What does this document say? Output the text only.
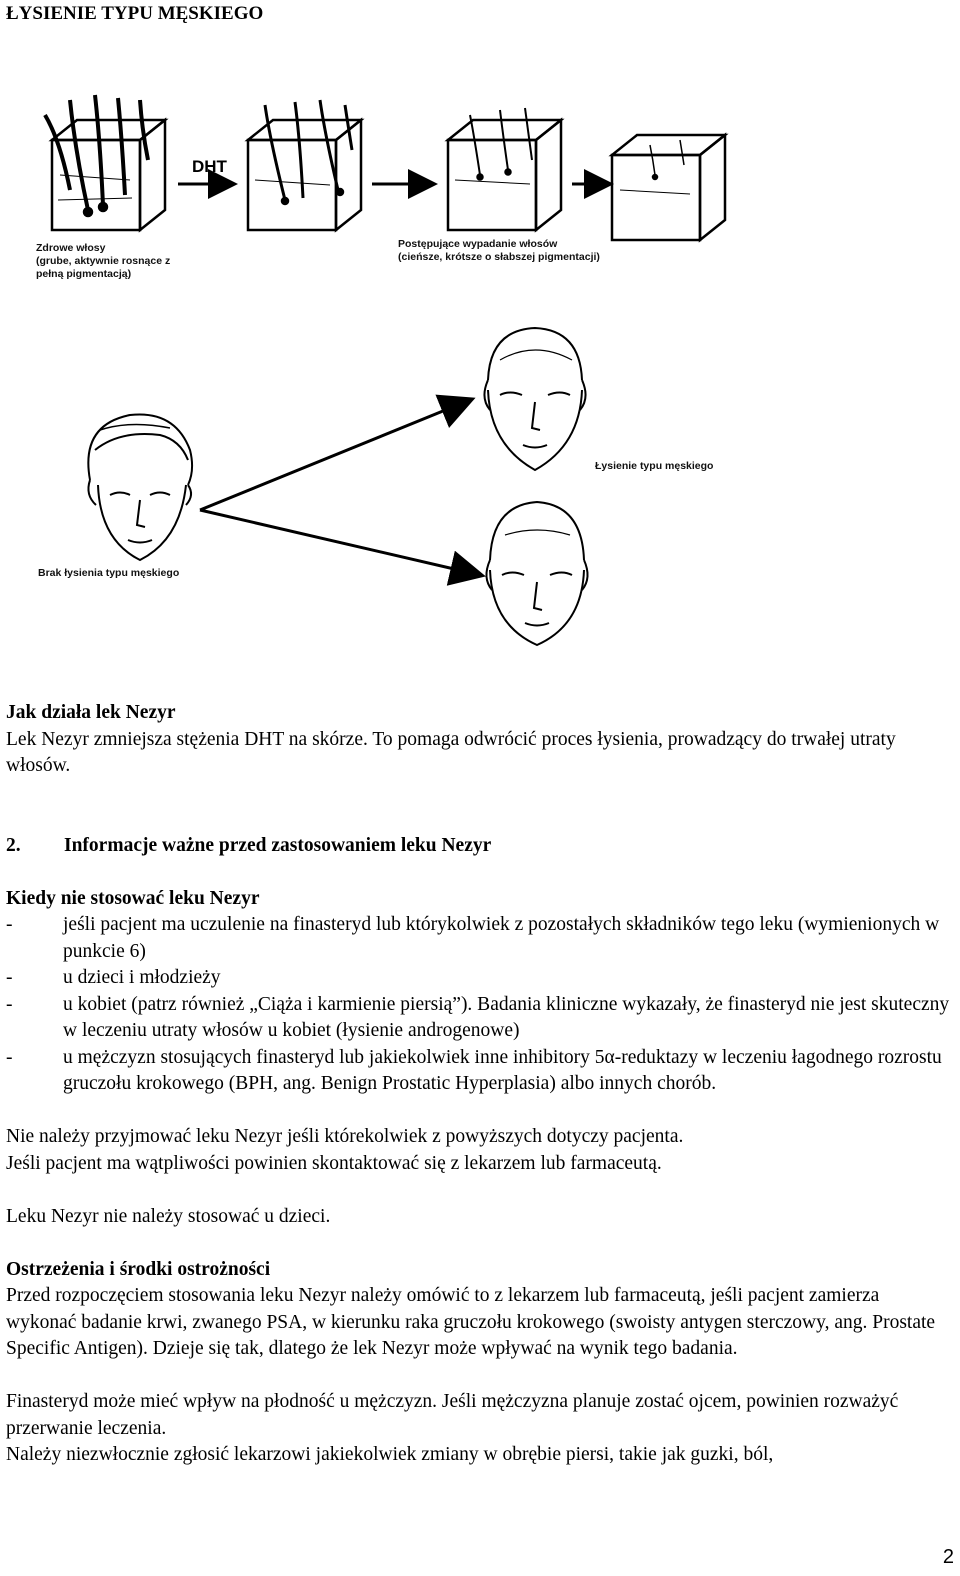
ŁYSIENIE TYPU MĘSKIEGO
DHT
Zdrowe włosy
(grube, aktywnie rosnące z
pełną pigmentacją)
Postępujące wypadanie włosów
(cieńsze, krótsze o słabszej pigmentacji)
Łysienie typu męskiego
Brak łysienia typu męskiego

Jak działa lek Nezyr

Lek Nezyr zmniejsza stężenia DHT na skórze. To pomaga odwrócić proces łysienia, prowadzący do trwałej utraty włosów.

2. Informacje ważne przed zastosowaniem leku Nezyr

Kiedy nie stosować leku Nezyr

-	jeśli pacjent ma uczulenie na finasteryd lub którykolwiek z pozostałych składników tego leku (wymienionych w punkcie 6)
-	u dzieci i młodzieży
-	u kobiet (patrz również „Ciąża i karmienie piersią”). Badania kliniczne wykazały, że finasteryd nie jest skuteczny w leczeniu utraty włosów u kobiet (łysienie androgenowe)
-	u mężczyzn stosujących finasteryd lub jakiekolwiek inne inhibitory 5α-reduktazy w leczeniu łagodnego rozrostu gruczołu krokowego (BPH, ang. Benign Prostatic Hyperplasia) albo innych chorób.

Nie należy przyjmować leku Nezyr jeśli którekolwiek z powyższych dotyczy pacjenta.

Jeśli pacjent ma wątpliwości powinien skontaktować się z lekarzem lub farmaceutą.

Leku Nezyr nie należy stosować u dzieci.

Ostrzeżenia i środki ostrożności

Przed rozpoczęciem stosowania leku Nezyr należy omówić to z lekarzem lub farmaceutą, jeśli pacjent zamierza wykonać badanie krwi, zwanego PSA, w kierunku raka gruczołu krokowego (swoisty antygen sterczowy, ang. Prostate Specific Antigen). Dzieje się tak, dlatego że lek Nezyr może wpływać na wynik tego badania.

Finasteryd może mieć wpływ na płodność u mężczyzn. Jeśli mężczyzna planuje zostać ojcem, powinien rozważyć przerwanie leczenia.

Należy niezwłocznie zgłosić lekarzowi jakiekolwiek zmiany w obrębie piersi, takie jak guzki, ból,

2
